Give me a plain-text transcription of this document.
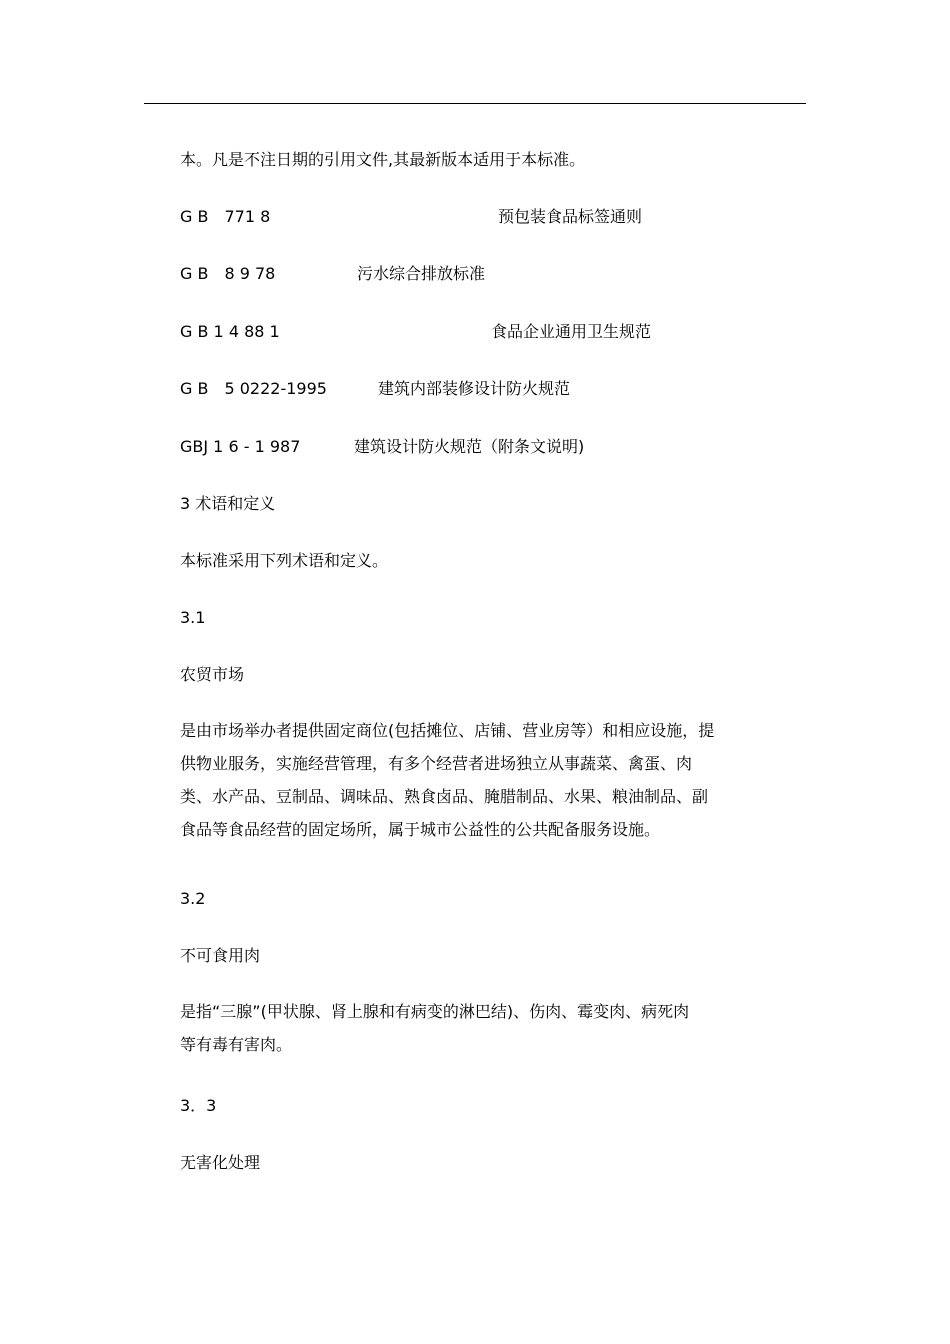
本。凡是不注日期的引用文件,其最新版本适用于本标准。
G B　771 8	预包装食品标签通则
G B　8 9 78	污水综合排放标准
G B 1 4 88 1	食品企业通用卫生规范
G B　5 0222-1995	建筑内部装修设计防火规范
GBJ 1 6 - 1 987	建筑设计防火规范（附条文说明)
3 术语和定义
本标准采用下列术语和定义。
3.1
农贸市场
是由市场举办者提供固定商位(包括摊位、店铺、营业房等）和相应设施，提
供物业服务，实施经营管理，有多个经营者进场独立从事蔬菜、禽蛋、肉
类、水产品、豆制品、调味品、熟食卤品、腌腊制品、水果、粮油制品、副
食品等食品经营的固定场所，属于城市公益性的公共配备服务设施。
3.2
不可食用肉
是指“三腺”(甲状腺、肾上腺和有病变的淋巴结)、伤肉、霉变肉、病死肉
等有毒有害肉。
3．3
无害化处理
